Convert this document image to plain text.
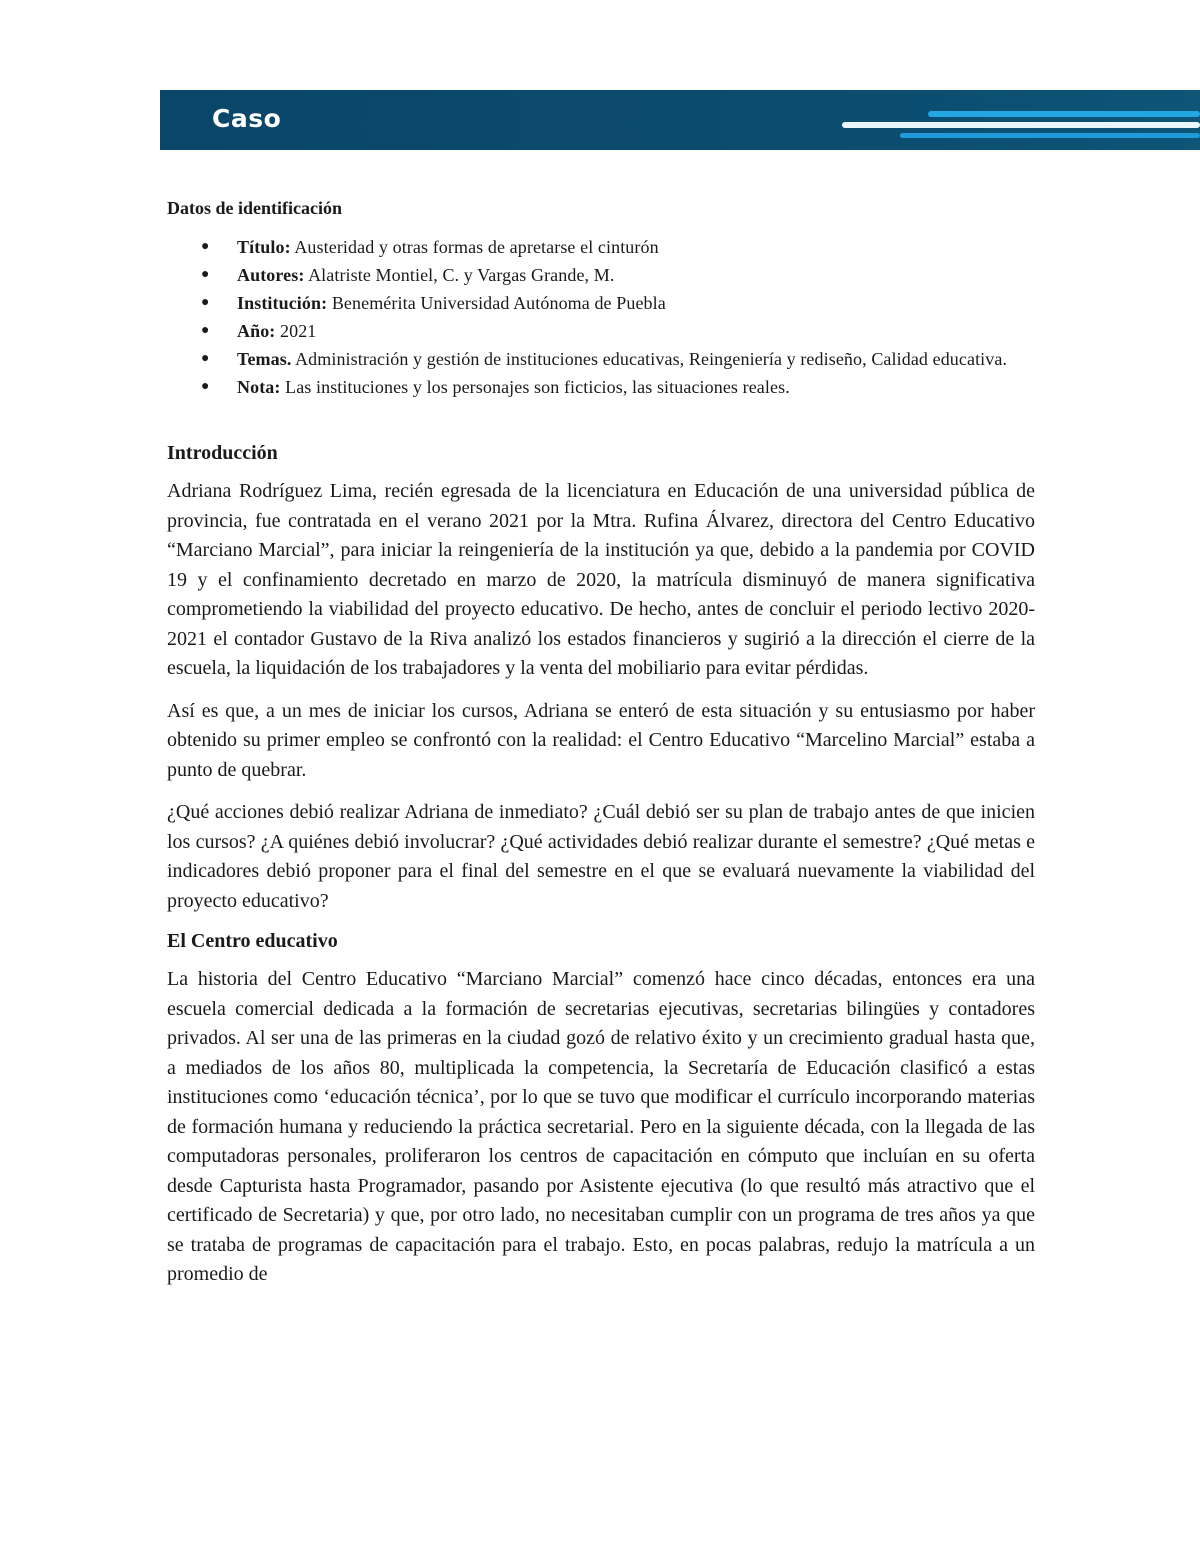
Caso
Datos de identificación
● Título: Austeridad y otras formas de apretarse el cinturón
● Autores: Alatriste Montiel, C. y Vargas Grande, M.
● Institución: Benemérita Universidad Autónoma de Puebla
● Año: 2021
● Temas. Administración y gestión de instituciones educativas, Reingeniería y rediseño, Calidad educativa.
● Nota: Las instituciones y los personajes son ficticios, las situaciones reales.
Introducción

Adriana Rodríguez Lima, recién egresada de la licenciatura en Educación de una universidad pública de provincia, fue contratada en el verano 2021 por la Mtra. Rufina Álvarez, directora del Centro Educativo “Marciano Marcial”, para iniciar la reingeniería de la institución ya que, debido a la pandemia por COVID 19 y el confinamiento decretado en marzo de 2020, la matrícula disminuyó de manera significativa comprometiendo la viabilidad del proyecto educativo. De hecho, antes de concluir el periodo lectivo 2020-2021 el contador Gustavo de la Riva analizó los estados financieros y sugirió a la dirección el cierre de la escuela, la liquidación de los trabajadores y la venta del mobiliario para evitar pérdidas.

Así es que, a un mes de iniciar los cursos, Adriana se enteró de esta situación y su entusiasmo por haber obtenido su primer empleo se confrontó con la realidad: el Centro Educativo “Marcelino Marcial” estaba a punto de quebrar.

¿Qué acciones debió realizar Adriana de inmediato? ¿Cuál debió ser su plan de trabajo antes de que inicien los cursos? ¿A quiénes debió involucrar? ¿Qué actividades debió realizar durante el semestre? ¿Qué metas e indicadores debió proponer para el final del semestre en el que se evaluará nuevamente la viabilidad del proyecto educativo?

El Centro educativo

La historia del Centro Educativo “Marciano Marcial” comenzó hace cinco décadas, entonces era una escuela comercial dedicada a la formación de secretarias ejecutivas, secretarias bilingües y contadores privados. Al ser una de las primeras en la ciudad gozó de relativo éxito y un crecimiento gradual hasta que, a mediados de los años 80, multiplicada la competencia, la Secretaría de Educación clasificó a estas instituciones como ‘educación técnica’, por lo que se tuvo que modificar el currículo incorporando materias de formación humana y reduciendo la práctica secretarial. Pero en la siguiente década, con la llegada de las computadoras personales, proliferaron los centros de capacitación en cómputo que incluían en su oferta desde Capturista hasta Programador, pasando por Asistente ejecutiva (lo que resultó más atractivo que el certificado de Secretaria) y que, por otro lado, no necesitaban cumplir con un programa de tres años ya que se trataba de programas de capacitación para el trabajo. Esto, en pocas palabras, redujo la matrícula a un promedio de
